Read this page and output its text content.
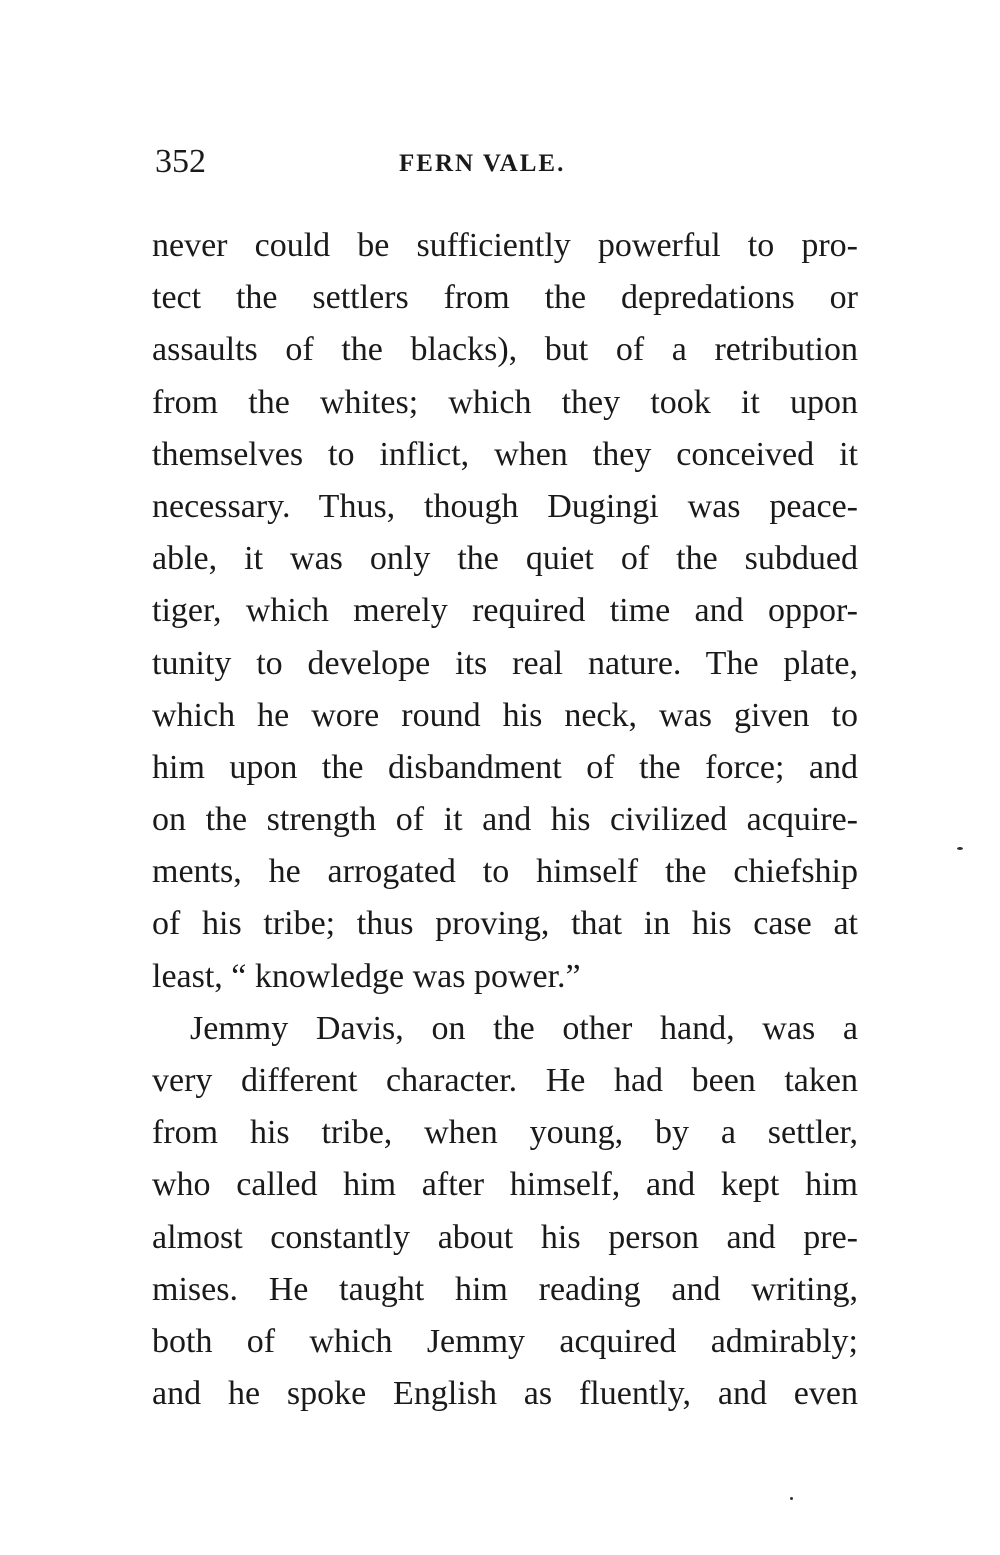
352	FERN VALE.
never could be sufficiently powerful to pro-
tect the settlers from the depredations or
assaults of the blacks), but of a retribution
from the whites; which they took it upon
themselves to inflict, when they conceived it
necessary. Thus, though Dugingi was peace-
able, it was only the quiet of the subdued
tiger, which merely required time and oppor-
tunity to develope its real nature. The plate,
which he wore round his neck, was given to
him upon the disbandment of the force; and
on the strength of it and his civilized acquire-
ments, he arrogated to himself the chiefship
of his tribe; thus proving, that in his case at
least, “ knowledge was power.”
Jemmy Davis, on the other hand, was a
very different character. He had been taken
from his tribe, when young, by a settler,
who called him after himself, and kept him
almost constantly about his person and pre-
mises. He taught him reading and writing,
both of which Jemmy acquired admirably;
and he spoke English as fluently, and even
